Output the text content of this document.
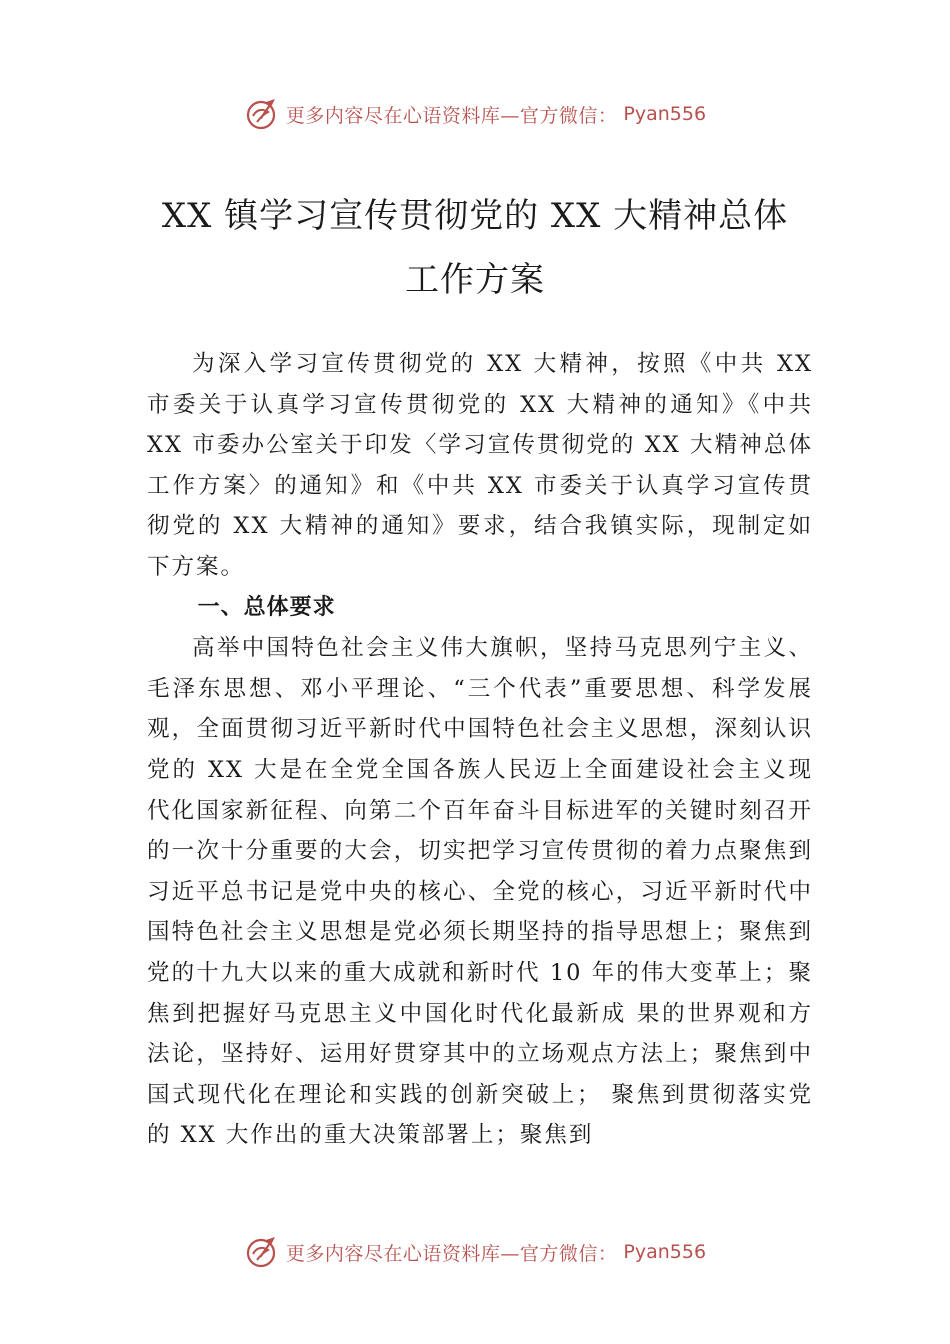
更多内容尽在心语资料库—官方微信： Pyan556
XX 镇学习宣传贯彻党的 XX 大精神总体
工作方案

为深入学习宣传贯彻党的 XX 大精神，按照《中共 XX 市委关于认真学习宣传贯彻党的 XX 大精神的通知》《中共 XX 市委办公室关于印发〈学习宣传贯彻党的 XX 大精神总体工作方案〉的通知》和《中共 XX 市委关于认真学习宣传贯彻党的 XX 大精神的通知》要求，结合我镇实际，现制定如下方案。

一、总体要求

高举中国特色社会主义伟大旗帜，坚持马克思列宁主义、毛泽东思想、邓小平理论、“三个代表”重要思想、科学发展观，全面贯彻习近平新时代中国特色社会主义思想，深刻认识党的 XX 大是在全党全国各族人民迈上全面建设社会主义现代化国家新征程、向第二个百年奋斗目标进军的关键时刻召开的一次十分重要的大会，切实把学习宣传贯彻的着力点聚焦到习近平总书记是党中央的核心、全党的核心，习近平新时代中国特色社会主义思想是党必须长期坚持的指导思想上；聚焦到党的十九大以来的重大成就和新时代 10 年的伟大变革上；聚焦到把握好马克思主义中国化时代化最新成 果的世界观和方法论，坚持好、运用好贯穿其中的立场观点方法上；聚焦到中国式现代化在理论和实践的创新突破上； 聚焦到贯彻落实党的 XX 大作出的重大决策部署上；聚焦到

更多内容尽在心语资料库—官方微信： Pyan556
